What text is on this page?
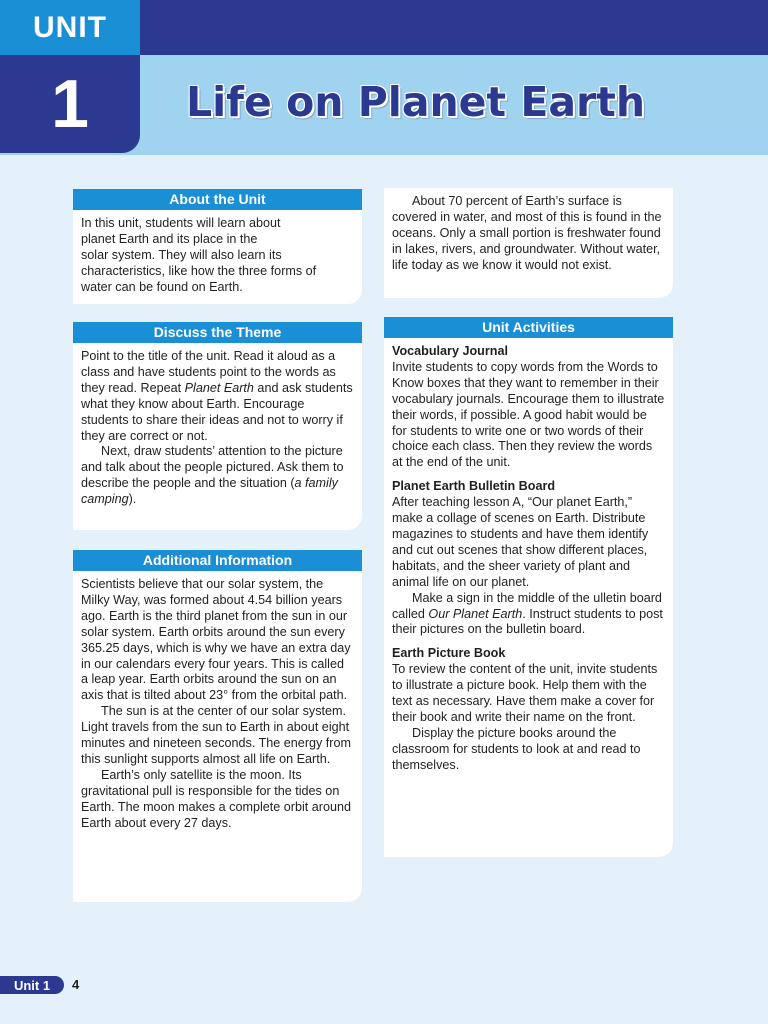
UNIT
1	Life on Planet Earth
About the Unit

In this unit, students will learn about
planet Earth and its place in the
solar system. They will also learn its
characteristics, like how the three forms of
water can be found on Earth.

Discuss the Theme

Point to the title of the unit. Read it aloud as a class and have students point to the words as they read. Repeat Planet Earth and ask students what they know about Earth. Encourage students to share their ideas and not to worry if they are correct or not.

Next, draw students’ attention to the picture and talk about the people pictured. Ask them to describe the people and the situation (a family camping).

Additional Information

Scientists believe that our solar system, the Milky Way, was formed about 4.54 billion years ago. Earth is the third planet from the sun in our solar system. Earth orbits around the sun every 365.25 days, which is why we have an extra day in our calendars every four years. This is called a leap year. Earth orbits around the sun on an axis that is tilted about 23° from the orbital path.

The sun is at the center of our solar system. Light travels from the sun to Earth in about eight minutes and nineteen seconds. The energy from this sunlight supports almost all life on Earth.

Earth’s only satellite is the moon. Its gravitational pull is responsible for the tides on Earth. The moon makes a complete orbit around Earth about every 27 days.

About 70 percent of Earth’s surface is covered in water, and most of this is found in the oceans. Only a small portion is freshwater found in lakes, rivers, and groundwater. Without water, life today as we know it would not exist.

Unit Activities
Vocabulary Journal

Invite students to copy words from the Words to Know boxes that they want to remember in their vocabulary journals. Encourage them to illustrate their words, if possible. A good habit would be for students to write one or two words of their choice each class. Then they review the words at the end of the unit.

Planet Earth Bulletin Board

After teaching lesson A, “Our planet Earth,” make a collage of scenes on Earth. Distribute magazines to students and have them identify and cut out scenes that show different places, habitats, and the sheer variety of plant and animal life on our planet.

Make a sign in the middle of the ulletin board called Our Planet Earth. Instruct students to post their pictures on the bulletin board.

Earth Picture Book

To review the content of the unit, invite students to illustrate a picture book. Help them with the text as necessary. Have them make a cover for their book and write their name on the front.

Display the picture books around the classroom for students to look at and read to themselves.

Unit 1	4
